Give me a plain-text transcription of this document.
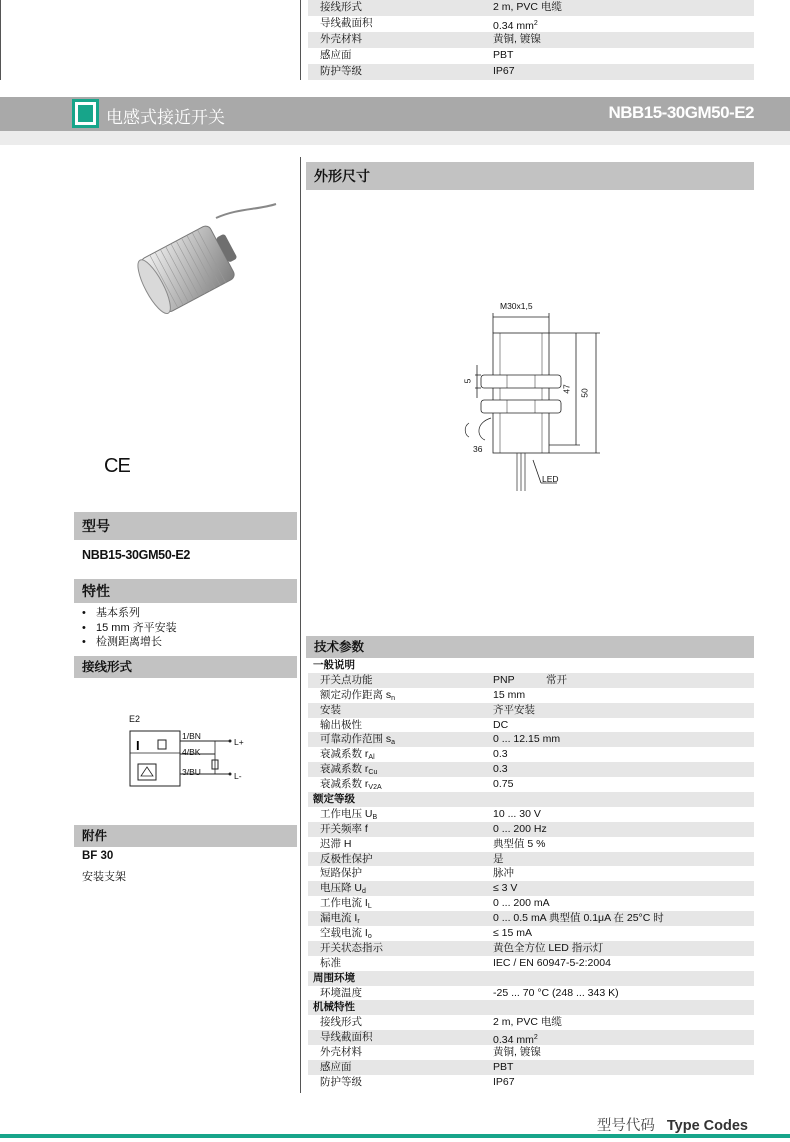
接线形式	2 m, PVC 电缆
导线截面积	0.34 $mm^2$
外壳材料	黄铜, 镀镍
感应面	PBT
防护等级	IP67
电感式接近开关	NBB15-30GM50-E2
CE
型号
NBB15-30GM50-E2
特性
• 基本系列
• 15 mm 齐平安装
• 检测距离增长
接线形式
I
E2
1/BN
4/BK
3/BU
L+
L-
附件
BF 30
安装支架
外形尺寸
M30x1,5
5
47 50
36
LED
技术参数
一般说明
开关点功能	PNP	常开
额定动作距离 $s_n$	15 mm
安装	齐平安装
输出极性	DC
可靠动作范围 $s_a$	0 ... 12.15 mm
衰减系数 $r_{Al}$	0.3
衰减系数 $r_{Cu}$	0.3
衰减系数 $r_{V2A}$	0.75
额定等级
工作电压 $U_B$	10 ... 30 V
开关频率 f	0 ... 200 Hz
迟滞 H	典型值 5 %
反极性保护	是
短路保护	脉冲
电压降 $U_d$	≤ 3 V
工作电流 $I_L$	0 ... 200 mA
漏电流 $I_r$	0 ... 0.5 mA 典型值 0.1μA 在 25°C 时
空载电流 $I_o$	≤ 15 mA
开关状态指示	黄色全方位 LED 指示灯
标准	IEC / EN 60947-5-2:2004
周围环境
环境温度	-25 ... 70 °C (248 ... 343 K)
机械特性
接线形式	2 m, PVC 电缆
导线截面积	0.34 $mm^2$
外壳材料	黄铜, 镀镍
感应面	PBT
防护等级	IP67
型号代码 Type Codes
